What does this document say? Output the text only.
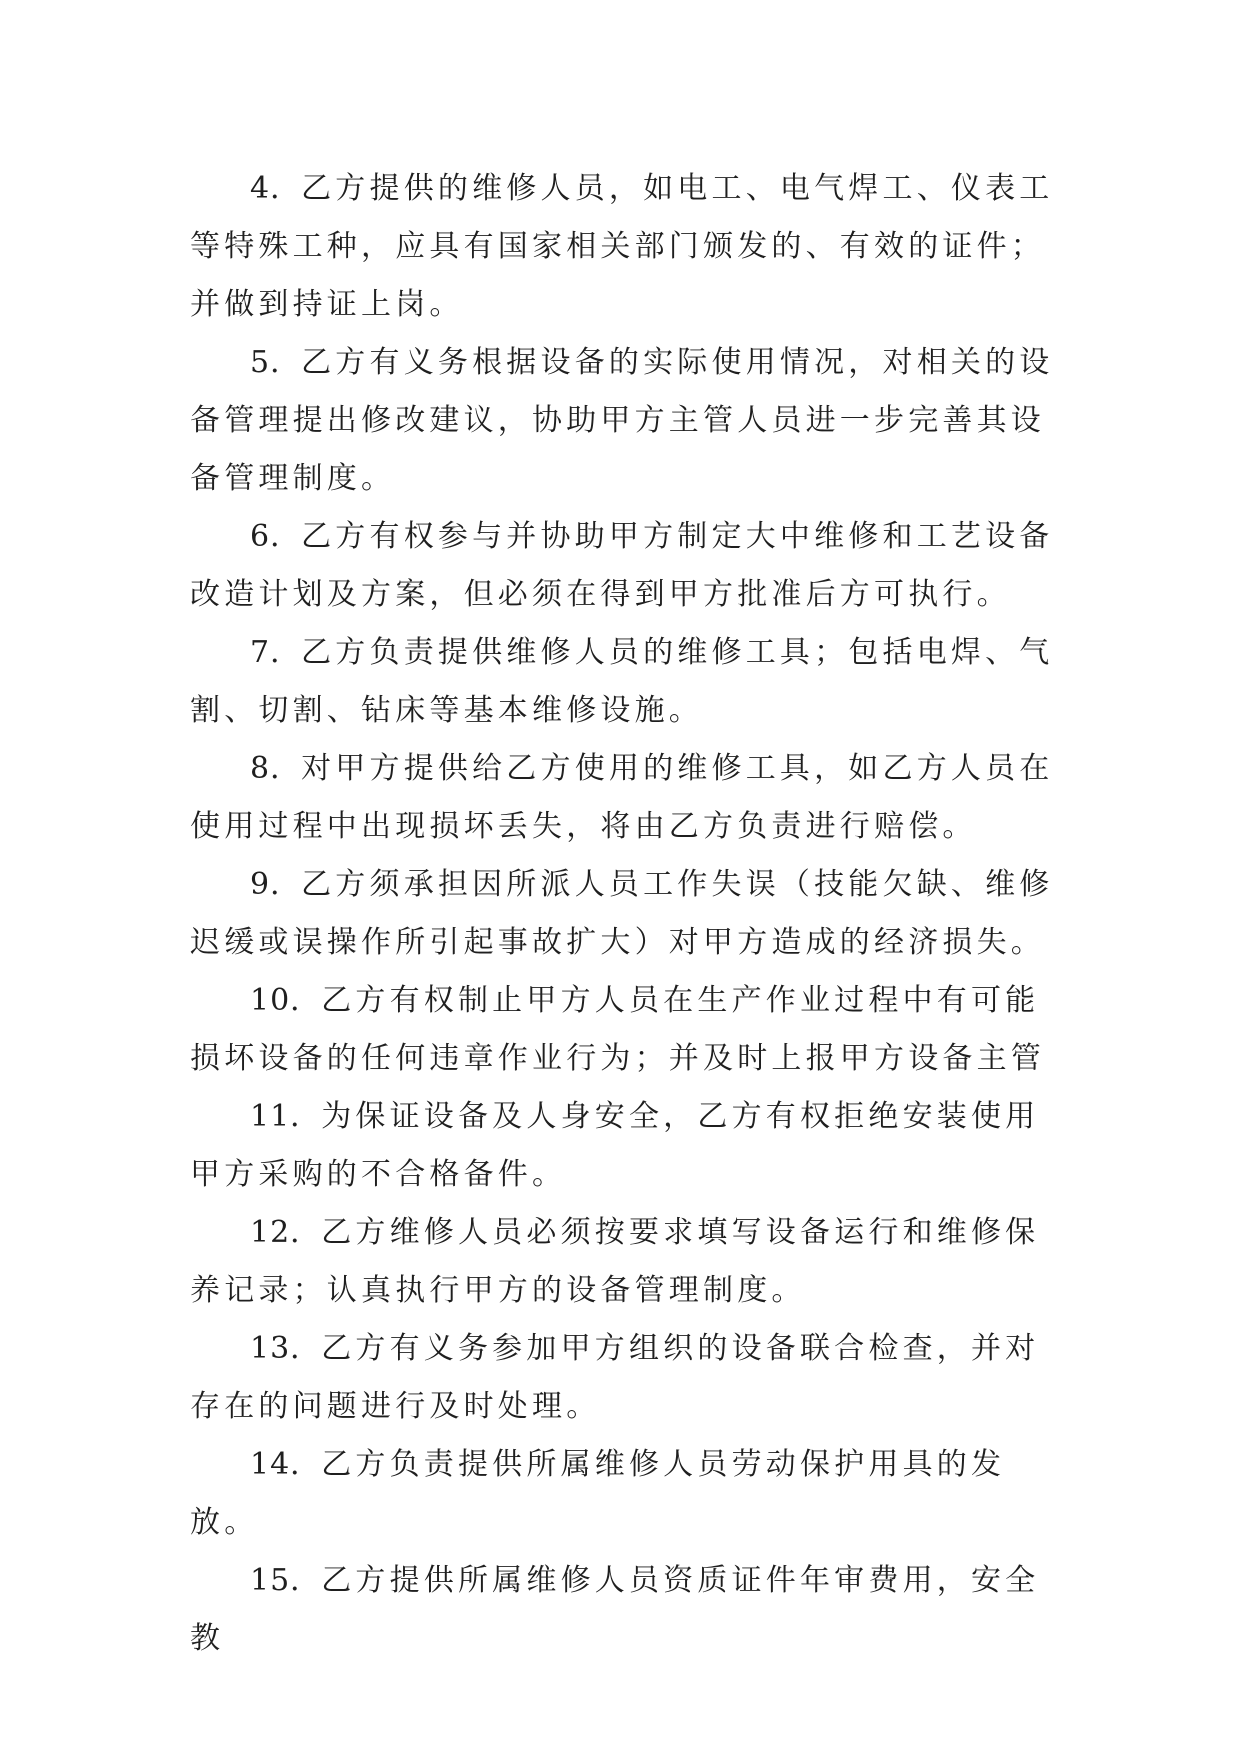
4．乙方提供的维修人员，如电工、电气焊工、仪表工等特殊工种，应具有国家相关部门颁发的、有效的证件；并做到持证上岗。

5．乙方有义务根据设备的实际使用情况，对相关的设备管理提出修改建议，协助甲方主管人员进一步完善其设备管理制度。

6．乙方有权参与并协助甲方制定大中维修和工艺设备改造计划及方案，但必须在得到甲方批准后方可执行。

7．乙方负责提供维修人员的维修工具；包括电焊、气割、切割、钻床等基本维修设施。

8．对甲方提供给乙方使用的维修工具，如乙方人员在使用过程中出现损坏丢失，将由乙方负责进行赔偿。

9．乙方须承担因所派人员工作失误（技能欠缺、维修迟缓或误操作所引起事故扩大）对甲方造成的经济损失。

10．乙方有权制止甲方人员在生产作业过程中有可能损坏设备的任何违章作业行为；并及时上报甲方设备主管

11．为保证设备及人身安全，乙方有权拒绝安装使用甲方采购的不合格备件。

12．乙方维修人员必须按要求填写设备运行和维修保养记录；认真执行甲方的设备管理制度。

13．乙方有义务参加甲方组织的设备联合检查，并对存在的问题进行及时处理。

14．乙方负责提供所属维修人员劳动保护用具的发放。

15．乙方提供所属维修人员资质证件年审费用，安全教
